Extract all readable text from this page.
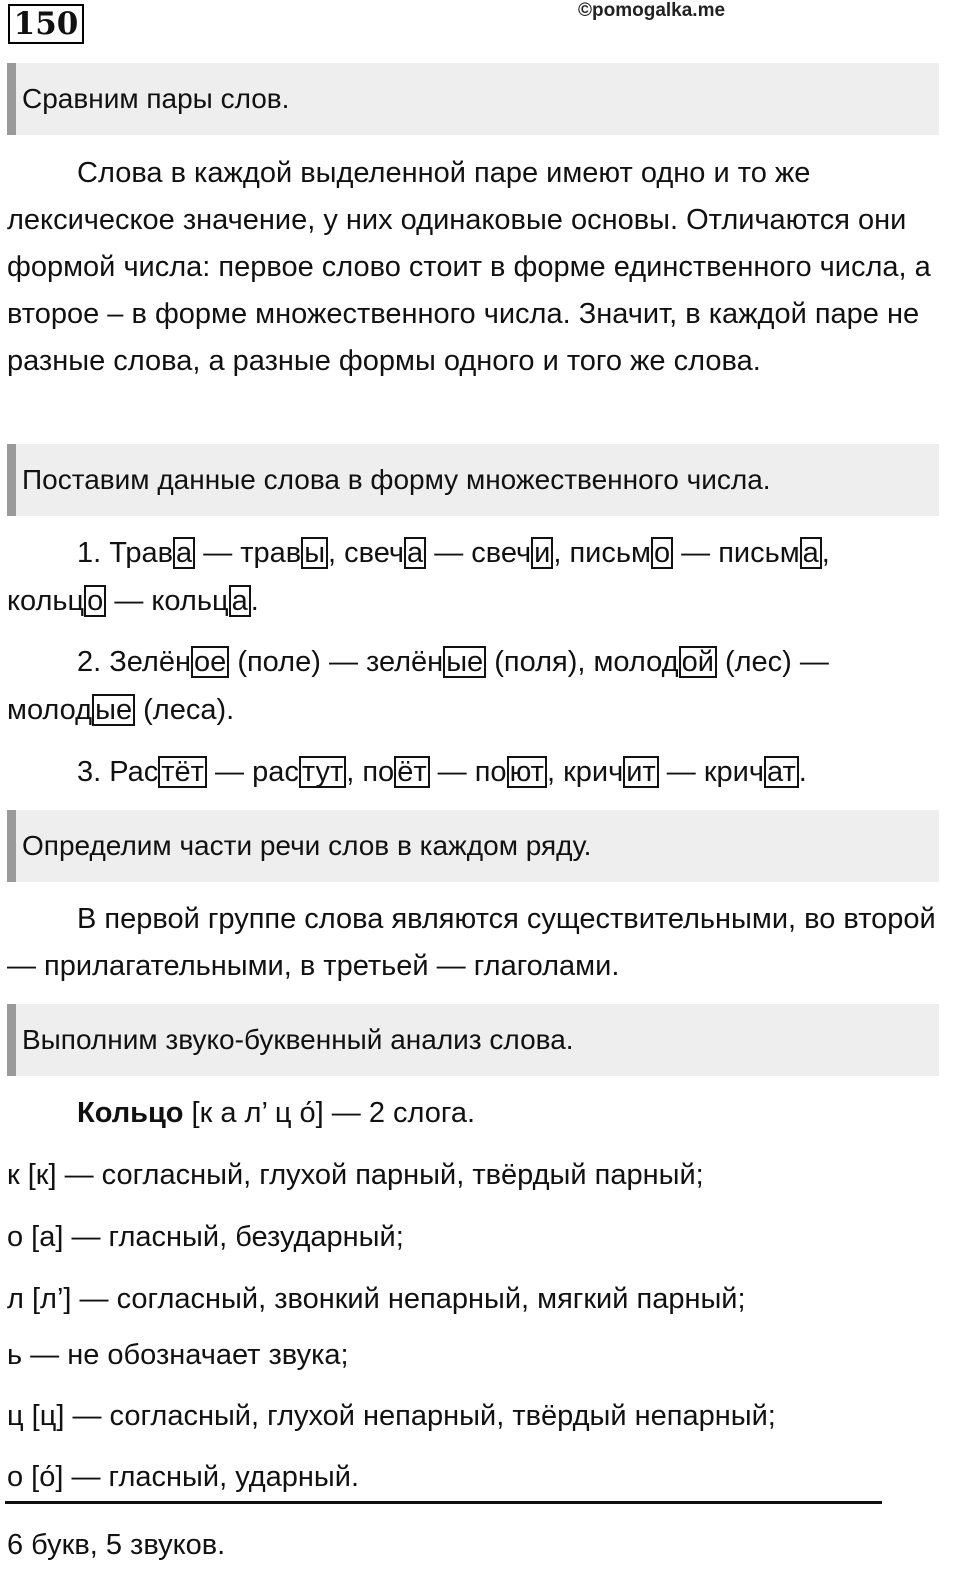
150	©pomogalka.me
Сравним пары слов.

Слова в каждой выделенной паре имеют одно и то же лексическое значение, у них одинаковые основы. Отличаются они формой числа: первое слово стоит в форме единственного числа, а второе – в форме множественного числа. Значит, в каждой паре не разные слова, а разные формы одного и того же слова.

Поставим данные слова в форму множественного числа.
1. Трав а — трав ы , свеч а — свеч и , письм о — письм а ,
кольц о — кольц а .
2. Зелён ое (поле) — зелён ые (поля), молод ой (лес) —
молод ые (леса).
3. Рас тёт — рас тут , по ёт — по ют , крич ит — крич ат .
Определим части речи слов в каждом ряду.

В первой группе слова являются существительными, во второй — прилагательными, в третьей — глаголами.

Выполним звуко-буквенный анализ слова.
Кольцо [к а л’ ц о́] — 2 слога.
к [к] — согласный, глухой парный, твёрдый парный;
о [а] — гласный, безударный;
л [л’] — согласный, звонкий непарный, мягкий парный;
ь — не обозначает звука;
ц [ц] — согласный, глухой непарный, твёрдый непарный;
о [о́] — гласный, ударный.
6 букв, 5 звуков.
